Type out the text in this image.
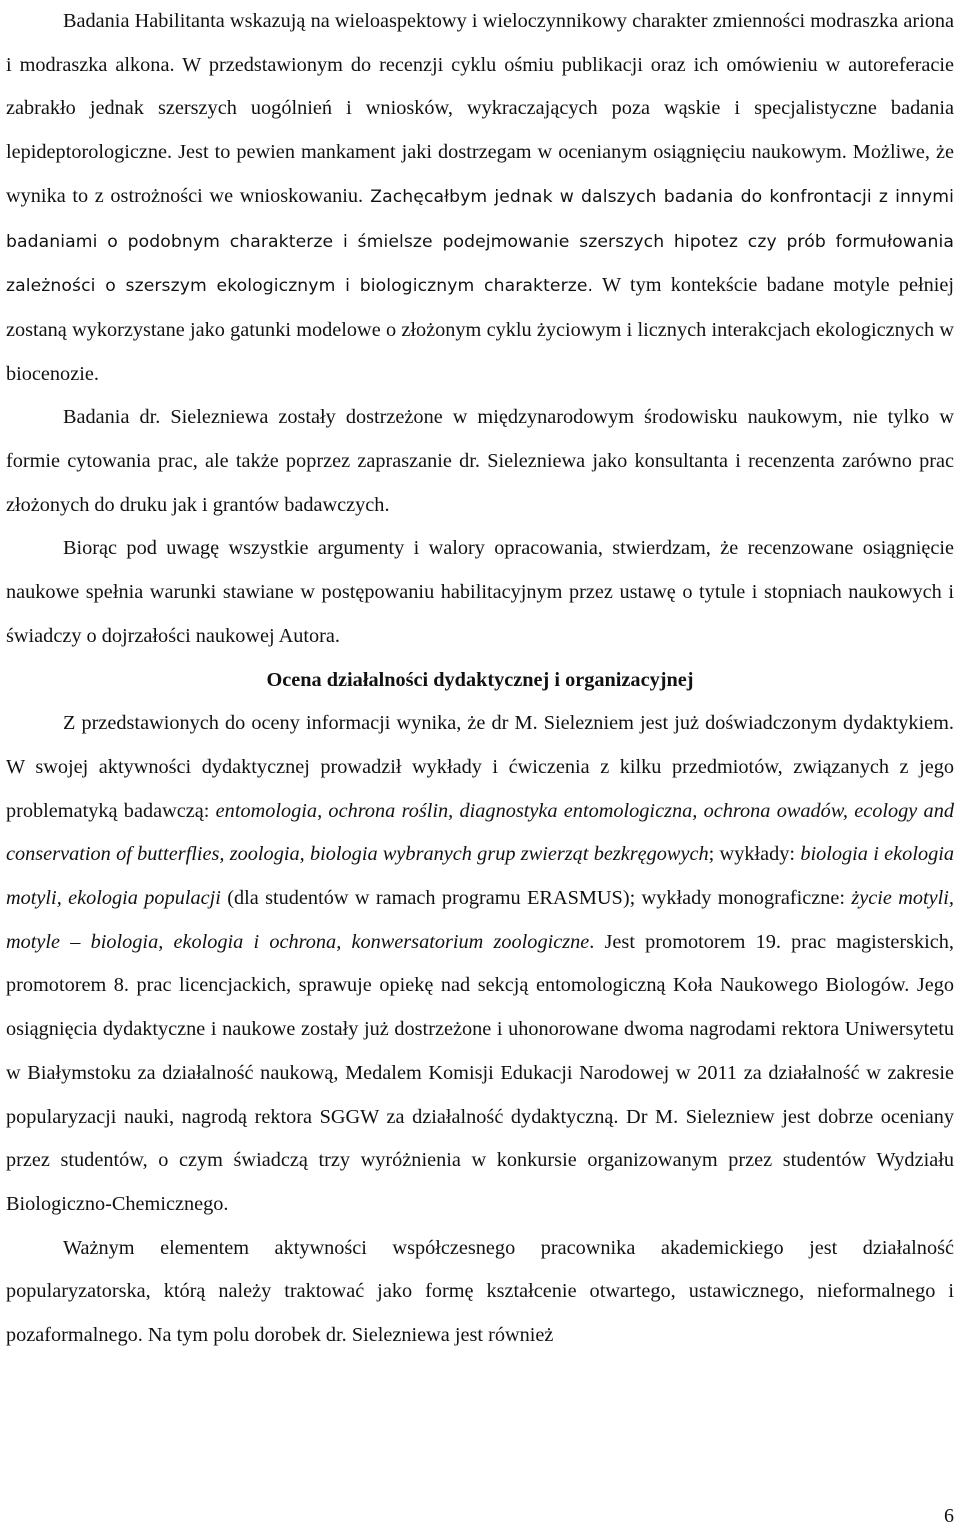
Badania Habilitanta wskazują na wieloaspektowy i wieloczynnikowy charakter zmienności modraszka ariona i modraszka alkona. W przedstawionym do recenzji cyklu ośmiu publikacji oraz ich omówieniu w autoreferacie zabrakło jednak szerszych uogólnień i wniosków, wykraczających poza wąskie i specjalistyczne badania lepideptorologiczne. Jest to pewien mankament jaki dostrzegam w ocenianym osiągnięciu naukowym. Możliwe, że wynika to z ostrożności we wnioskowaniu. Zachęcałbym jednak w dalszych badania do konfrontacji z innymi badaniami o podobnym charakterze i śmielsze podejmowanie szerszych hipotez czy prób formułowania zależności o szerszym ekologicznym i biologicznym charakterze. W tym kontekście badane motyle pełniej zostaną wykorzystane jako gatunki modelowe o złożonym cyklu życiowym i licznych interakcjach ekologicznych w biocenozie.

Badania dr. Sielezniewa zostały dostrzeżone w międzynarodowym środowisku naukowym, nie tylko w formie cytowania prac, ale także poprzez zapraszanie dr. Sielezniewa jako konsultanta i recenzenta zarówno prac złożonych do druku jak i grantów badawczych.

Biorąc pod uwagę wszystkie argumenty i walory opracowania, stwierdzam, że recenzowane osiągnięcie naukowe spełnia warunki stawiane w postępowaniu habilitacyjnym przez ustawę o tytule i stopniach naukowych i świadczy o dojrzałości naukowej Autora.

Ocena działalności dydaktycznej i organizacyjnej

Z przedstawionych do oceny informacji wynika, że dr M. Sielezniem jest już doświadczonym dydaktykiem. W swojej aktywności dydaktycznej prowadził wykłady i ćwiczenia z kilku przedmiotów, związanych z jego problematyką badawczą: entomologia, ochrona roślin, diagnostyka entomologiczna, ochrona owadów, ecology and conservation of butterflies, zoologia, biologia wybranych grup zwierząt bezkręgowych; wykłady: biologia i ekologia motyli, ekologia populacji (dla studentów w ramach programu ERASMUS); wykłady monograficzne: życie motyli, motyle – biologia, ekologia i ochrona, konwersatorium zoologiczne. Jest promotorem 19. prac magisterskich, promotorem 8. prac licencjackich, sprawuje opiekę nad sekcją entomologiczną Koła Naukowego Biologów. Jego osiągnięcia dydaktyczne i naukowe zostały już dostrzeżone i uhonorowane dwoma nagrodami rektora Uniwersytetu w Białymstoku za działalność naukową, Medalem Komisji Edukacji Narodowej w 2011 za działalność w zakresie popularyzacji nauki, nagrodą rektora SGGW za działalność dydaktyczną. Dr M. Sielezniew jest dobrze oceniany przez studentów, o czym świadczą trzy wyróżnienia w konkursie organizowanym przez studentów Wydziału Biologiczno-Chemicznego.

Ważnym elementem aktywności współczesnego pracownika akademickiego jest działalność popularyzatorska, którą należy traktować jako formę kształcenie otwartego, ustawicznego, nieformalnego i pozaformalnego. Na tym polu dorobek dr. Sielezniewa jest również

6
